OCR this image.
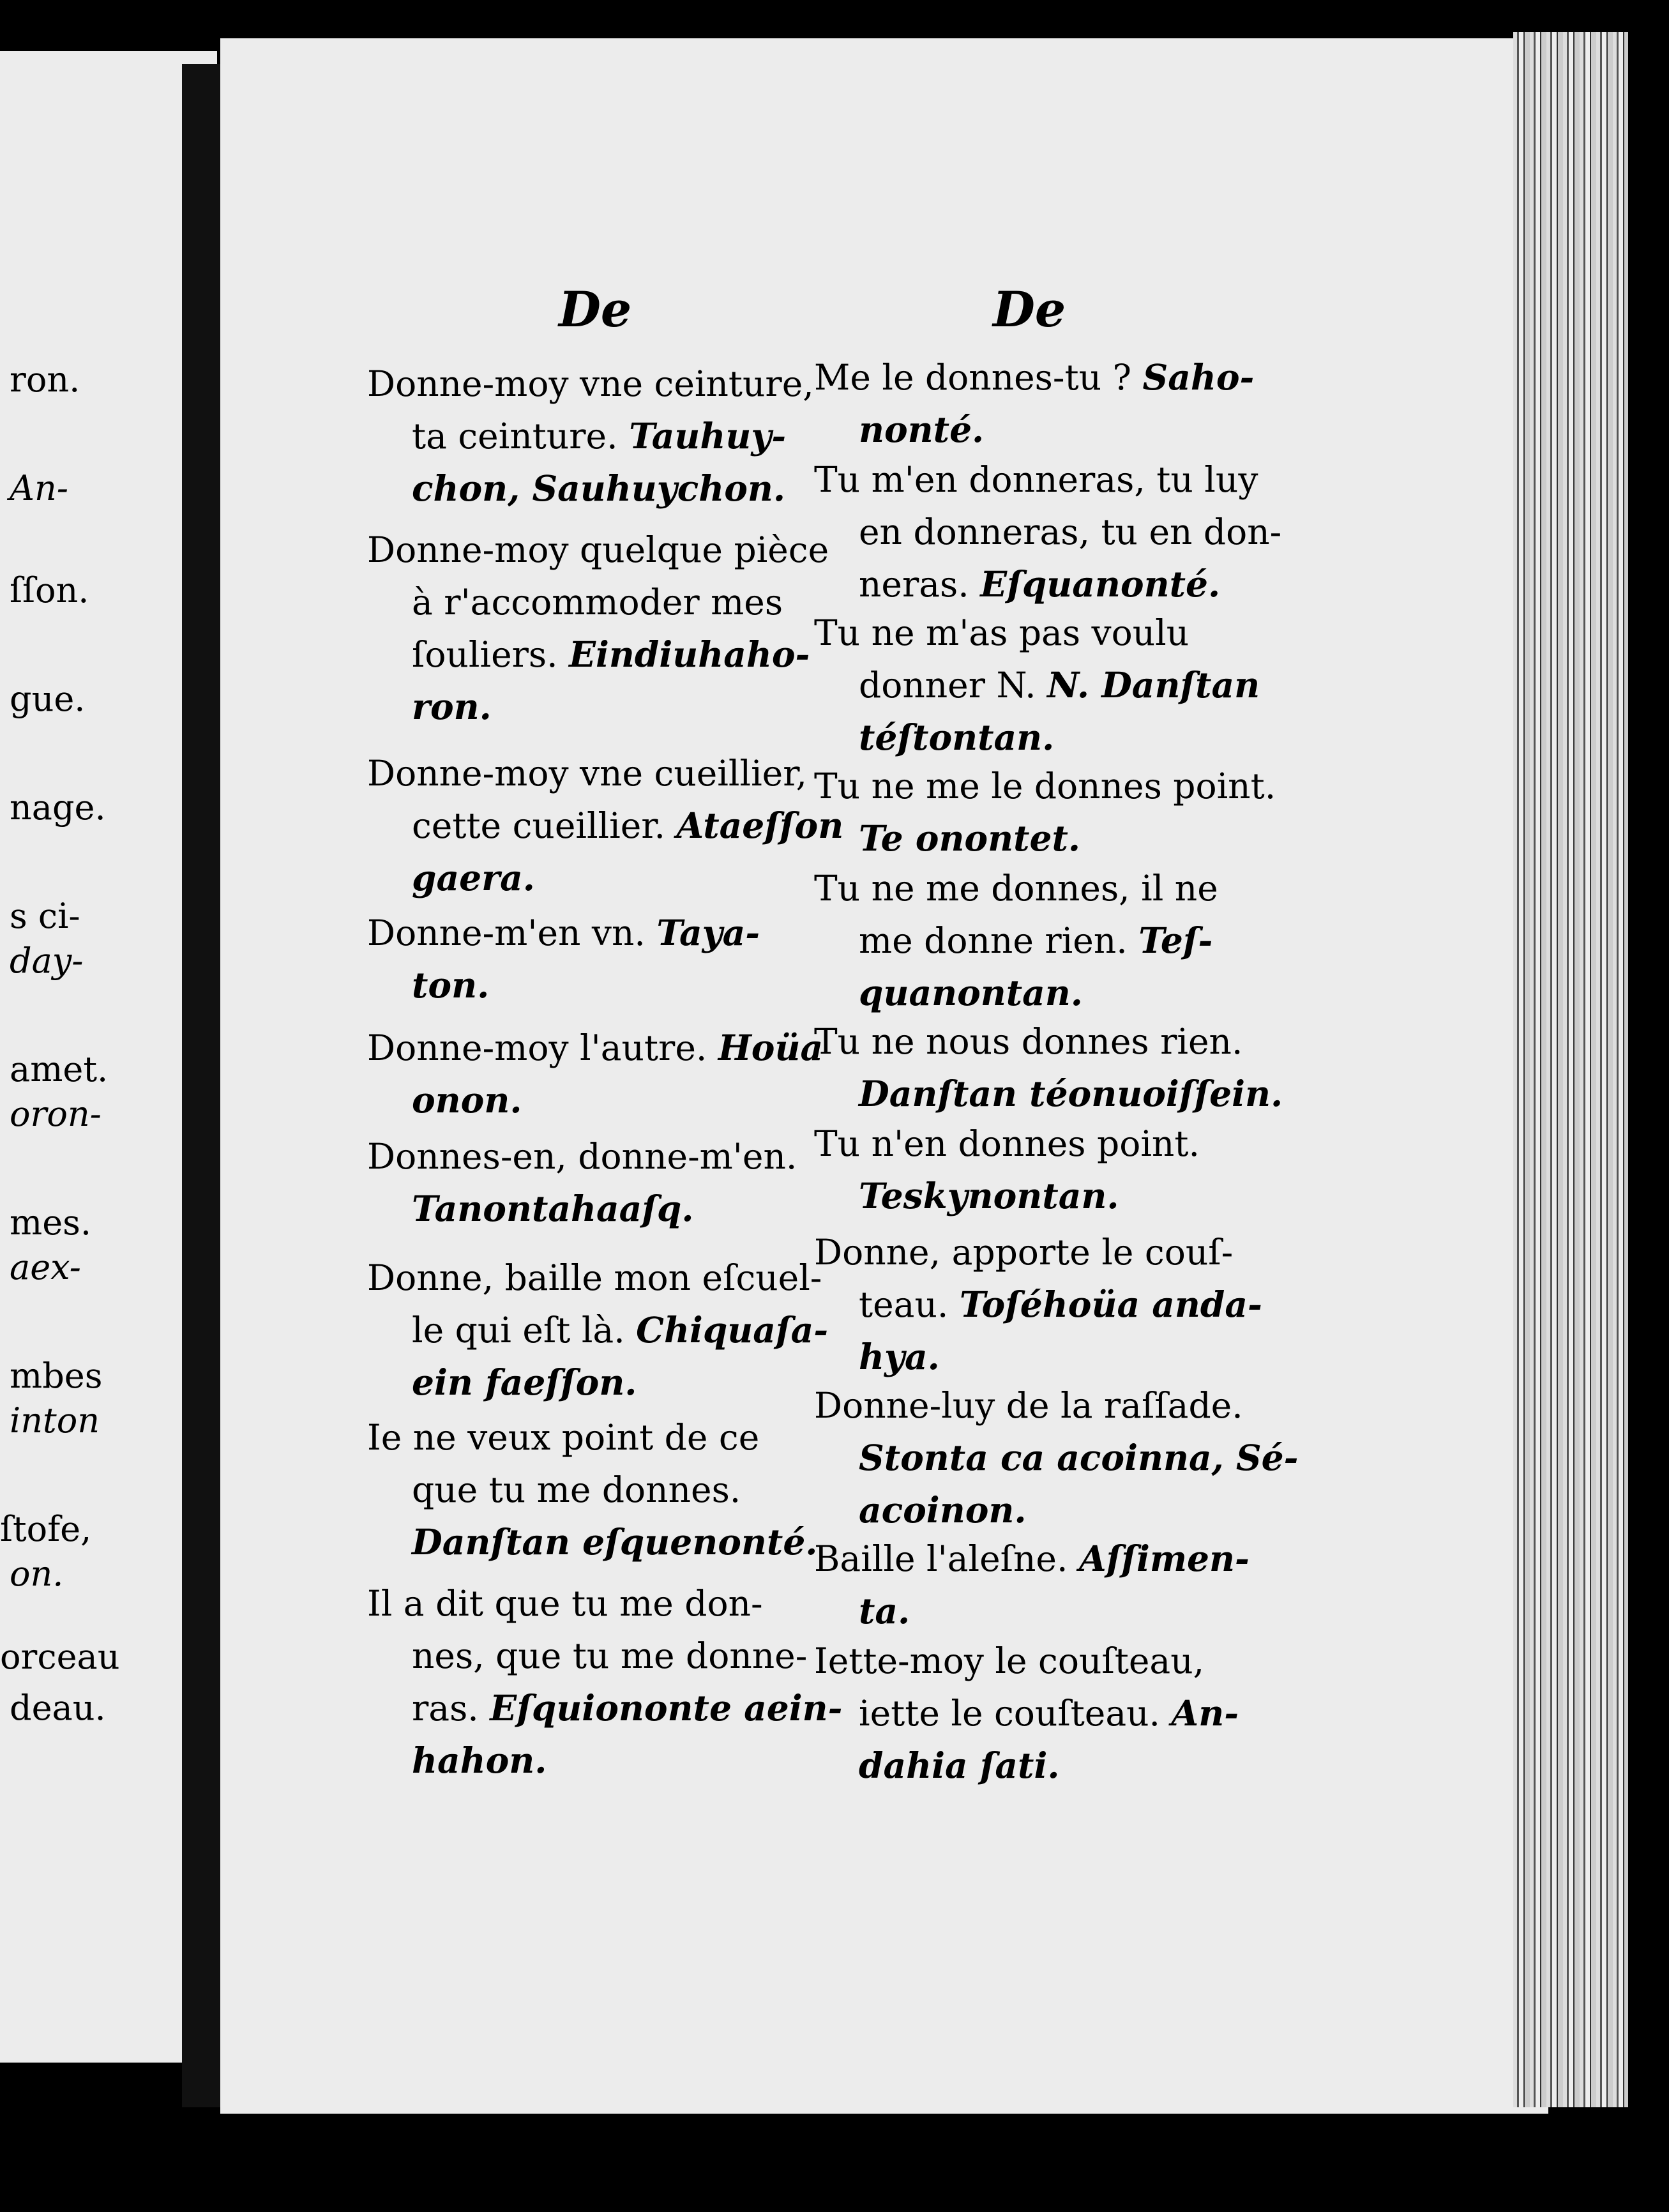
ron.
An-
ſſon.
gue.
nage.
s ci-
day-
amet.
oron-
mes.
aex-
mbes
inton
ſtofe,
on.
orceau
deau.
De
Donne-moy vne ceinture,
ta ceinture. Tauhuy-
chon, Sauhuychon.
Donne-moy quelque pièce
à r'accommoder mes
ſouliers. Eindiuhaho-
ron.
Donne-moy vne cueillier,
cette cueillier. Ataeſſon
gaera.
Donne-m'en vn. Taya-
ton.
Donne-moy l'autre. Hoüa
onon.
Donnes-en, donne-m'en.
Tanontahaaſq.
Donne, baille mon eſcuel-
le qui eſt là. Chiquaſa-
ein faeſſon.
Ie ne veux point de ce
que tu me donnes.
Danſtan eſquenonté.
Il a dit que tu me don-
nes, que tu me donne-
ras. Eſquiononte aein-
hahon.
De
Me le donnes-tu ? Saho-
nonté.
Tu m'en donneras, tu luy
en donneras, tu en don-
neras. Eſquanonté.
Tu ne m'as pas voulu
donner N. N. Danſtan
téſtontan.
Tu ne me le donnes point.
Te onontet.
Tu ne me donnes, il ne
me donne rien. Teſ-
quanontan.
Tu ne nous donnes rien.
Danſtan téonuoiſſein.
Tu n'en donnes point.
Teskynontan.
Donne, apporte le couſ-
teau. Toſéhoüa anda-
hya.
Donne-luy de la raſſade.
Stonta ca acoinna, Sé-
acoinon.
Baille l'aleſne. Aſſimen-
ta.
Iette-moy le couſteau,
iette le couſteau. An-
dahia ſati.
